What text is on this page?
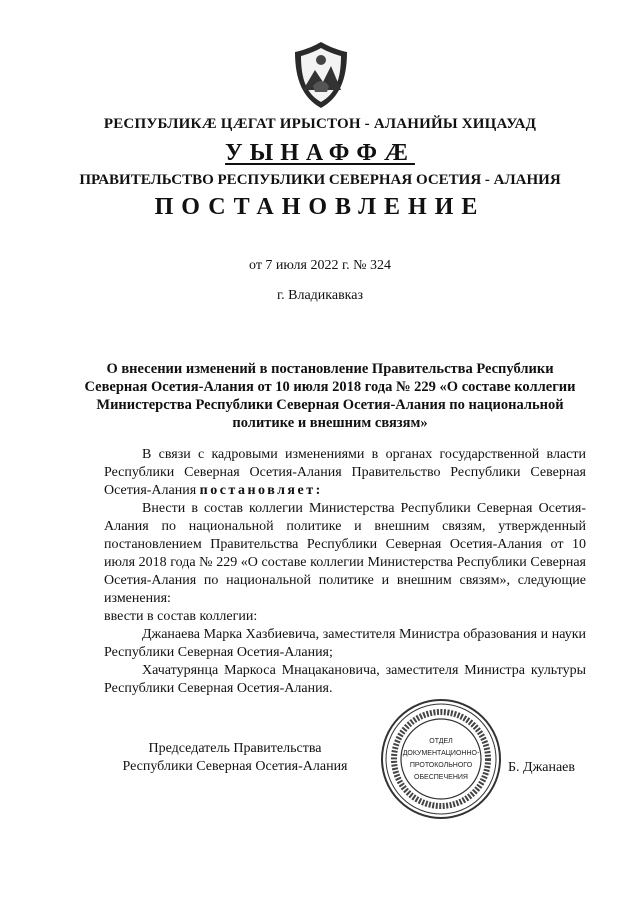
РЕСПУБЛИКӔ ЦӔГАТ ИРЫСТОН - АЛАНИЙЫ ХИЦАУАД
УЫНАФФӔ
ПРАВИТЕЛЬСТВО РЕСПУБЛИКИ СЕВЕРНАЯ ОСЕТИЯ - АЛАНИЯ
ПОСТАНОВЛЕНИЕ
от 7 июля 2022 г. № 324
г. Владикавказ
О внесении изменений в постановление Правительства Республики Северная Осетия-Алания от 10 июля 2018 года № 229 «О составе коллегии Министерства Республики Северная Осетия-Алания по национальной политике и внешним связям»

В связи с кадровыми изменениями в органах государственной власти Республики Северная Осетия-Алания Правительство Республики Северная Осетия-Алания постановляет:

Внести в состав коллегии Министерства Республики Северная Осетия-Алания по национальной политике и внешним связям, утвержденный постановлением Правительства Республики Северная Осетия-Алания от 10 июля 2018 года № 229 «О составе коллегии Министерства Республики Северная Осетия-Алания по национальной политике и внешним связям», следующие изменения:

ввести в состав коллегии:

Джанаева Марка Хазбиевича, заместителя Министра образования и науки Республики Северная Осетия-Алания;

Хачатурянца Маркоса Мнацакановича, заместителя Министра культуры Республики Северная Осетия-Алания.

Председатель Правительства
Республики Северная Осетия-Алания	Б. Джанаев
ОТДЕЛ
ДОКУМЕНТАЦИОННО-
ПРОТОКОЛЬНОГО
ОБЕСПЕЧЕНИЯ
